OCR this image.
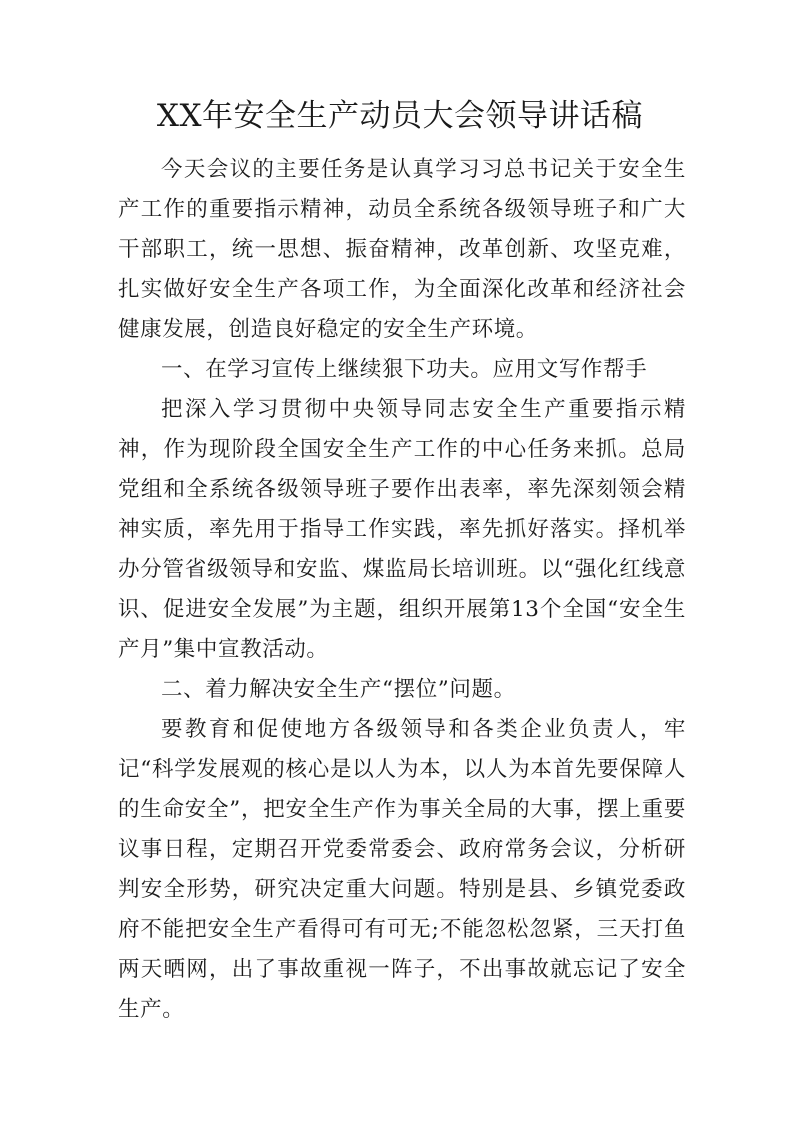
XX年安全生产动员大会领导讲话稿

今天会议的主要任务是认真学习习总书记关于安全生产工作的重要指示精神，动员全系统各级领导班子和广大干部职工，统一思想、振奋精神，改革创新、攻坚克难，扎实做好安全生产各项工作，为全面深化改革和经济社会健康发展，创造良好稳定的安全生产环境。

一、在学习宣传上继续狠下功夫。应用文写作帮手

把深入学习贯彻中央领导同志安全生产重要指示精神，作为现阶段全国安全生产工作的中心任务来抓。总局党组和全系统各级领导班子要作出表率，率先深刻领会精神实质，率先用于指导工作实践，率先抓好落实。择机举办分管省级领导和安监、煤监局长培训班。以“强化红线意识、促进安全发展”为主题，组织开展第13个全国“安全生产月”集中宣教活动。

二、着力解决安全生产“摆位”问题。

要教育和促使地方各级领导和各类企业负责人，牢记“科学发展观的核心是以人为本，以人为本首先要保障人的生命安全”，把安全生产作为事关全局的大事，摆上重要议事日程，定期召开党委常委会、政府常务会议，分析研判安全形势，研究决定重大问题。特别是县、乡镇党委政府不能把安全生产看得可有可无;不能忽松忽紧，三天打鱼两天晒网，出了事故重视一阵子，不出事故就忘记了安全生产。
